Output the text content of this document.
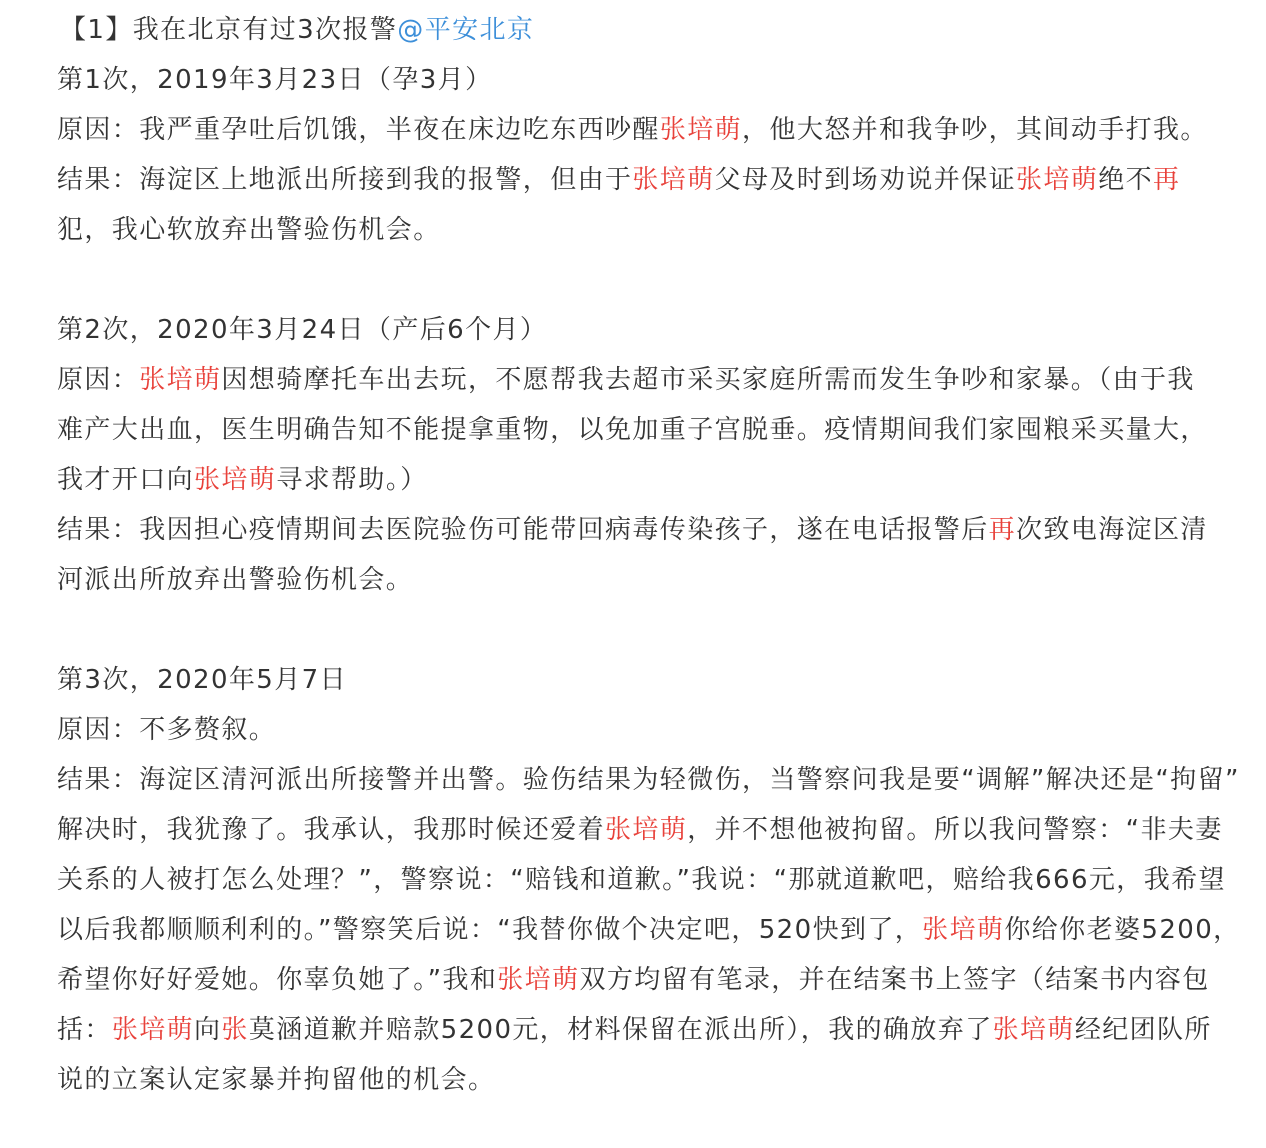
【1】我在北京有过3次报警@平安北京
第1次，2019年3月23日（孕3月）
原因：我严重孕吐后饥饿，半夜在床边吃东西吵醒张培萌，他大怒并和我争吵，其间动手打我。
结果：海淀区上地派出所接到我的报警，但由于张培萌父母及时到场劝说并保证张培萌绝不再
犯，我心软放弃出警验伤机会。
第2次，2020年3月24日（产后6个月）
原因：张培萌因想骑摩托车出去玩，不愿帮我去超市采买家庭所需而发生争吵和家暴。（由于我
难产大出血，医生明确告知不能提拿重物，以免加重子宫脱垂。疫情期间我们家囤粮采买量大，
我才开口向张培萌寻求帮助。）
结果：我因担心疫情期间去医院验伤可能带回病毒传染孩子，遂在电话报警后再次致电海淀区清
河派出所放弃出警验伤机会。
第3次，2020年5月7日
原因：不多赘叙。
结果：海淀区清河派出所接警并出警。验伤结果为轻微伤，当警察问我是要“调解”解决还是“拘留”
解决时，我犹豫了。我承认，我那时候还爱着张培萌，并不想他被拘留。所以我问警察：“非夫妻
关系的人被打怎么处理？”，警察说：“赔钱和道歉。”我说：“那就道歉吧，赔给我666元，我希望
以后我都顺顺利利的。”警察笑后说：“我替你做个决定吧，520快到了，张培萌你给你老婆5200，
希望你好好爱她。你辜负她了。”我和张培萌双方均留有笔录，并在结案书上签字（结案书内容包
括：张培萌向张莫涵道歉并赔款5200元，材料保留在派出所），我的确放弃了张培萌经纪团队所
说的立案认定家暴并拘留他的机会。
